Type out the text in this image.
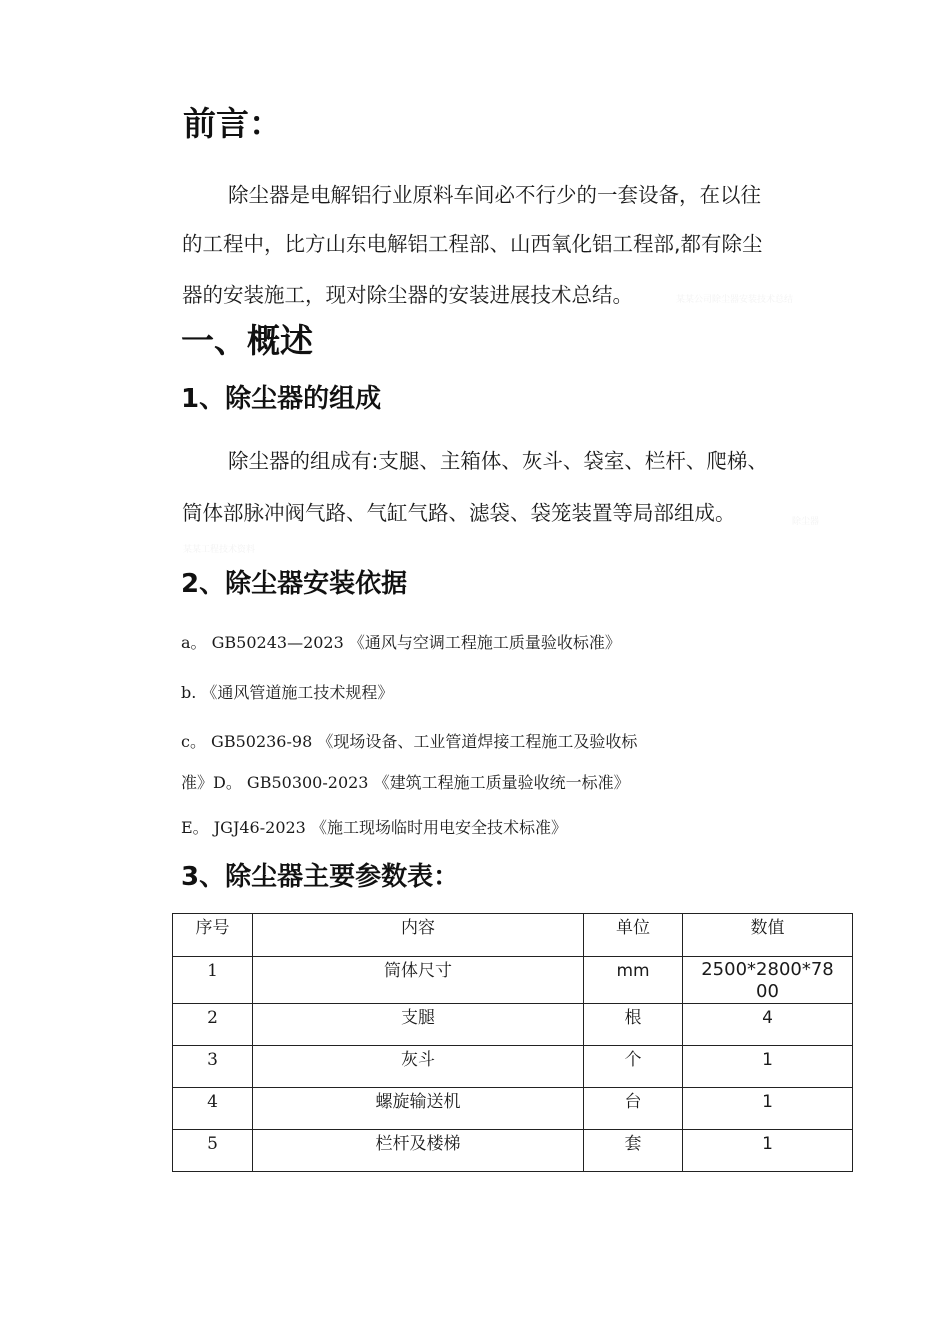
前言：
除尘器是电解铝行业原料车间必不行少的一套设备，在以往
的工程中，比方山东电解铝工程部、山西氧化铝工程部,都有除尘
器的安装施工，现对除尘器的安装进展技术总结。	某某公司除尘器安装技术总结
一、概述
1、除尘器的组成
除尘器的组成有:支腿、主箱体、灰斗、袋室、栏杆、爬梯、
筒体部脉冲阀气路、气缸气路、滤袋、袋笼装置等局部组成。	除尘器
某某工程技术资料
2、除尘器安装依据
a。 GB50243—2023 《通风与空调工程施工质量验收标准》
b. 《通风管道施工技术规程》
c。 GB50236-98 《现场设备、工业管道焊接工程施工及验收标
准》D。 GB50300-2023 《建筑工程施工质量验收统一标准》
E。 JGJ46-2023 《施工现场临时用电安全技术标准》
3、除尘器主要参数表：
序号	内容	单位	数值
1	筒体尺寸	mm	2500*2800*7800
2	支腿	根	4
3	灰斗	个	1
4	螺旋输送机	台	1
5	栏杆及楼梯	套	1
